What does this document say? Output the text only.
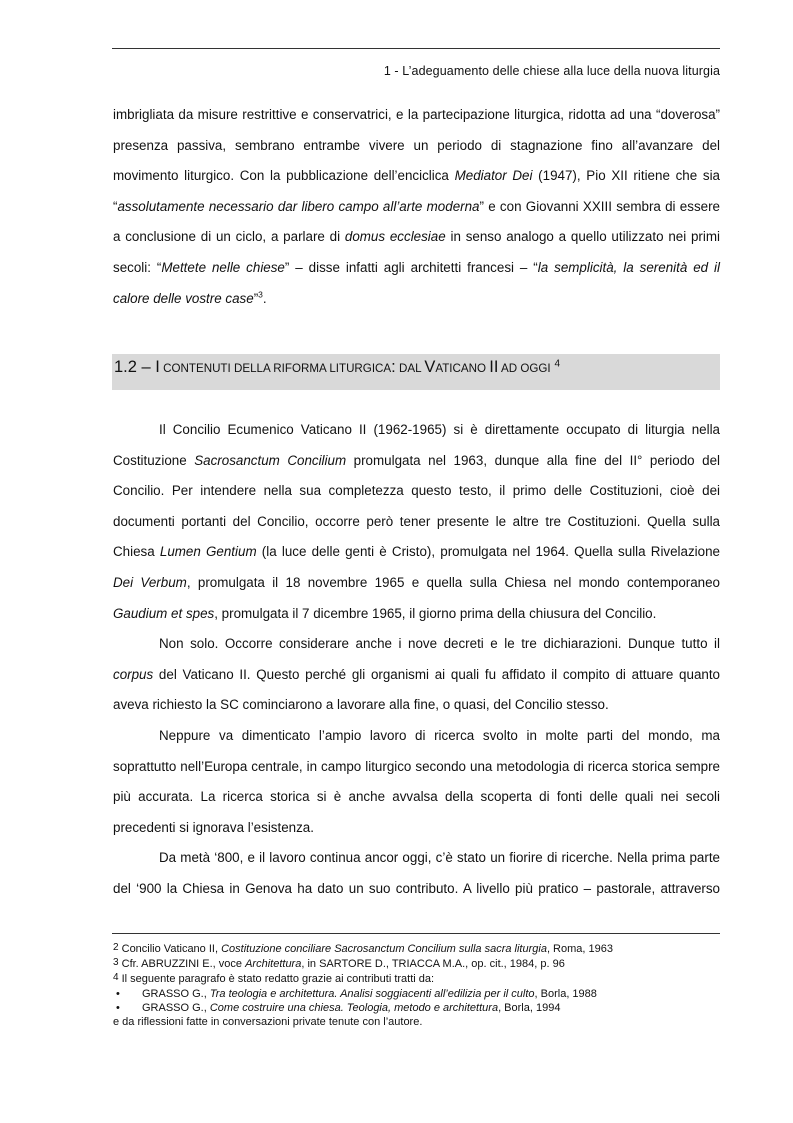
1 - L’adeguamento delle chiese alla luce della nuova liturgia

imbrigliata da misure restrittive e conservatrici, e la partecipazione liturgica, ridotta ad una “doverosa” presenza passiva, sembrano entrambe vivere un periodo di stagnazione fino all’avanzare del movimento liturgico. Con la pubblicazione dell’enciclica Mediator Dei (1947), Pio XII ritiene che sia “assolutamente necessario dar libero campo all’arte moderna” e con Giovanni XXIII sembra di essere a conclusione di un ciclo, a parlare di domus ecclesiae in senso analogo a quello utilizzato nei primi secoli: “Mettete nelle chiese” – disse infatti agli architetti francesi – “la semplicità, la serenità ed il calore delle vostre case”$^3$.

1.2 – I CONTENUTI DELLA RIFORMA LITURGICA: DAL VATICANO II AD OGGI $^4$

Il Concilio Ecumenico Vaticano II (1962-1965) si è direttamente occupato di liturgia nella Costituzione Sacrosanctum Concilium promulgata nel 1963, dunque alla fine del II° periodo del Concilio. Per intendere nella sua completezza questo testo, il primo delle Costituzioni, cioè dei documenti portanti del Concilio, occorre però tener presente le altre tre Costituzioni. Quella sulla Chiesa Lumen Gentium (la luce delle genti è Cristo), promulgata nel 1964. Quella sulla Rivelazione Dei Verbum, promulgata il 18 novembre 1965 e quella sulla Chiesa nel mondo contemporaneo Gaudium et spes, promulgata il 7 dicembre 1965, il giorno prima della chiusura del Concilio.

Non solo. Occorre considerare anche i nove decreti e le tre dichiarazioni. Dunque tutto il corpus del Vaticano II. Questo perché gli organismi ai quali fu affidato il compito di attuare quanto aveva richiesto la SC cominciarono a lavorare alla fine, o quasi, del Concilio stesso.

Neppure va dimenticato l’ampio lavoro di ricerca svolto in molte parti del mondo, ma soprattutto nell’Europa centrale, in campo liturgico secondo una metodologia di ricerca storica sempre più accurata. La ricerca storica si è anche avvalsa della scoperta di fonti delle quali nei secoli precedenti si ignorava l’esistenza.

Da metà ‘800, e il lavoro continua ancor oggi, c’è stato un fiorire di ricerche. Nella prima parte del ‘900 la Chiesa in Genova ha dato un suo contributo. A livello più pratico – pastorale, attraverso

2 Concilio Vaticano II, Costituzione conciliare Sacrosanctum Concilium sulla sacra liturgia, Roma, 1963

3 Cfr. ABRUZZINI E., voce Architettura, in SARTORE D., TRIACCA M.A., op. cit., 1984, p. 96

4 Il seguente paragrafo è stato redatto grazie ai contributi tratti da:

• GRASSO G., Tra teologia e architettura. Analisi soggiacenti all’edilizia per il culto, Borla, 1988

• GRASSO G., Come costruire una chiesa. Teologia, metodo e architettura, Borla, 1994

e da riflessioni fatte in conversazioni private tenute con l’autore.
